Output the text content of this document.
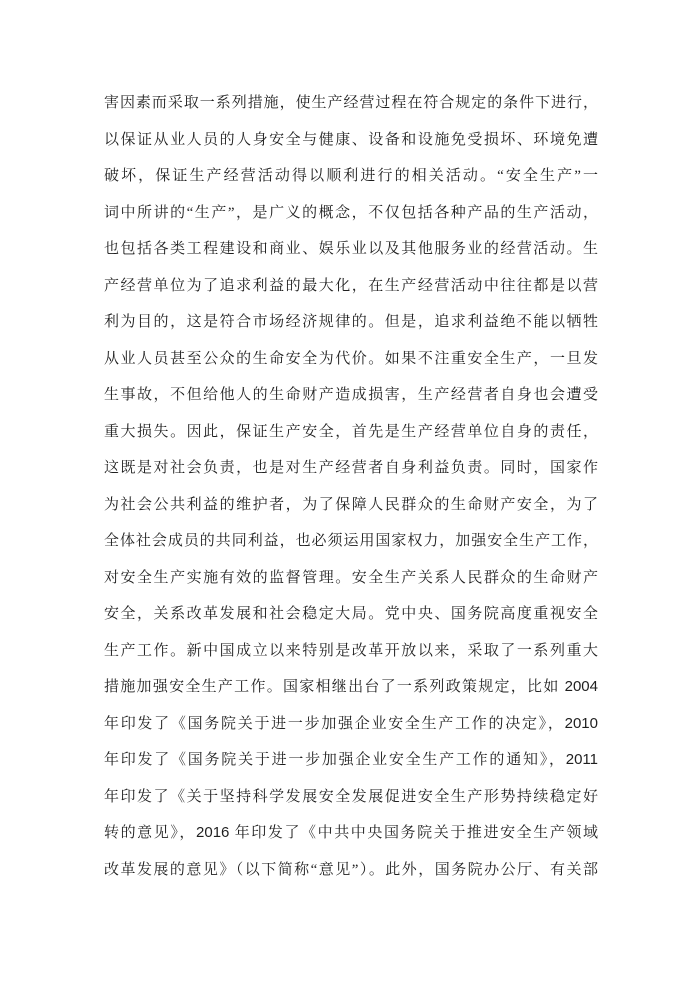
害因素而采取一系列措施，使生产经营过程在符合规定的条件下进行，
以保证从业人员的人身安全与健康、设备和设施免受损坏、环境免遭
破坏，保证生产经营活动得以顺利进行的相关活动。“安全生产”一
词中所讲的“生产”，是广义的概念，不仅包括各种产品的生产活动，
也包括各类工程建设和商业、娱乐业以及其他服务业的经营活动。生
产经营单位为了追求利益的最大化，在生产经营活动中往往都是以营
利为目的，这是符合市场经济规律的。但是，追求利益绝不能以牺牲
从业人员甚至公众的生命安全为代价。如果不注重安全生产，一旦发
生事故，不但给他人的生命财产造成损害，生产经营者自身也会遭受
重大损失。因此，保证生产安全，首先是生产经营单位自身的责任，
这既是对社会负责，也是对生产经营者自身利益负责。同时，国家作
为社会公共利益的维护者，为了保障人民群众的生命财产安全，为了
全体社会成员的共同利益，也必须运用国家权力，加强安全生产工作，
对安全生产实施有效的监督管理。安全生产关系人民群众的生命财产
安全，关系改革发展和社会稳定大局。党中央、国务院高度重视安全
生产工作。新中国成立以来特别是改革开放以来，采取了一系列重大
措施加强安全生产工作。国家相继出台了一系列政策规定，比如 2004
年印发了《国务院关于进一步加强企业安全生产工作的决定》，2010
年印发了《国务院关于进一步加强企业安全生产工作的通知》，2011
年印发了《关于坚持科学发展安全发展促进安全生产形势持续稳定好
转的意见》，2016 年印发了《中共中央国务院关于推进安全生产领域
改革发展的意见》（以下简称“意见”）。此外，国务院办公厅、有关部
